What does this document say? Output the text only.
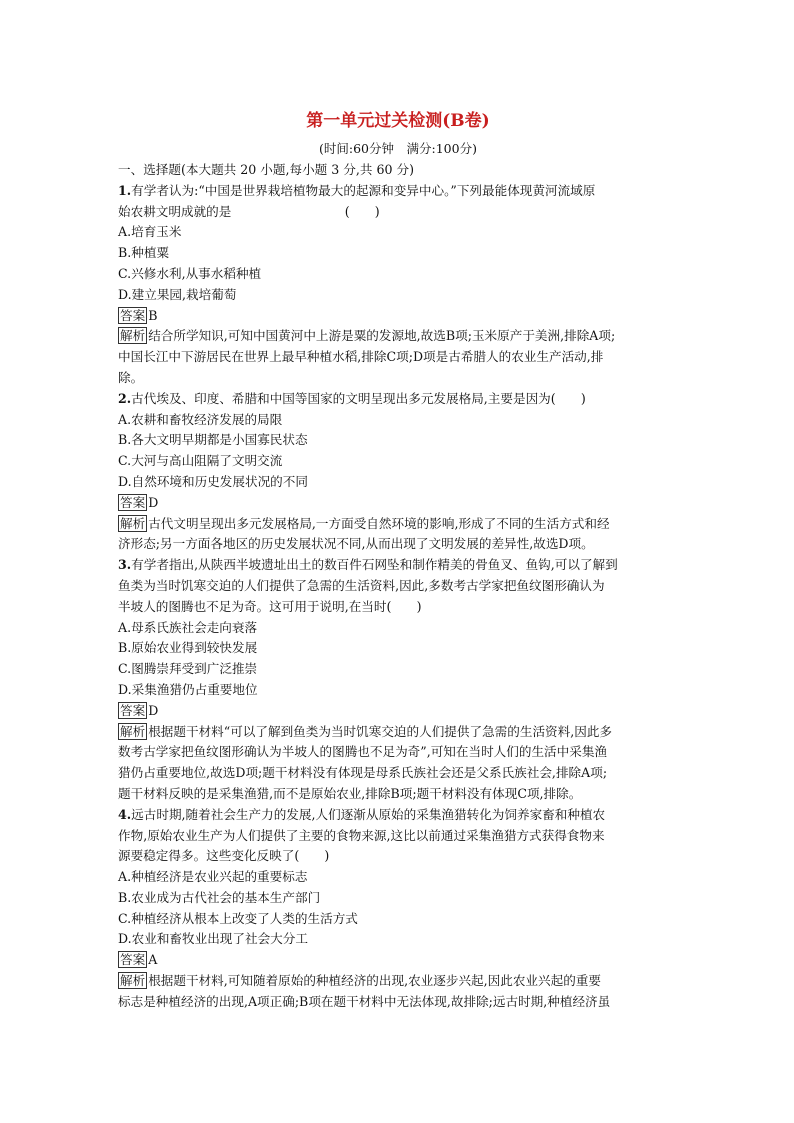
第一单元过关检测(B卷)
(时间:60分钟　满分:100分)
一、选择题(本大题共 20 小题,每小题 3 分,共 60 分)
1.有学者认为:“中国是世界栽培植物最大的起源和变异中心。”下列最能体现黄河流域原
始农耕文明成就的是　　　　　　　　　(　　)
A.培育玉米
B.种植粟
C.兴修水利,从事水稻种植
D.建立果园,栽培葡萄
答案 B
解析 结合所学知识,可知中国黄河中上游是粟的发源地,故选B项;玉米原产于美洲,排除A项;
中国长江中下游居民在世界上最早种植水稻,排除C项;D项是古希腊人的农业生产活动,排
除。
2.古代埃及、印度、希腊和中国等国家的文明呈现出多元发展格局,主要是因为(　　)
A.农耕和畜牧经济发展的局限
B.各大文明早期都是小国寡民状态
C.大河与高山阻隔了文明交流
D.自然环境和历史发展状况的不同
答案 D
解析 古代文明呈现出多元发展格局,一方面受自然环境的影响,形成了不同的生活方式和经
济形态;另一方面各地区的历史发展状况不同,从而出现了文明发展的差异性,故选D项。
3.有学者指出,从陕西半坡遗址出土的数百件石网坠和制作精美的骨鱼叉、鱼钩,可以了解到
鱼类为当时饥寒交迫的人们提供了急需的生活资料,因此,多数考古学家把鱼纹图形确认为
半坡人的图腾也不足为奇。这可用于说明,在当时(　　)
A.母系氏族社会走向衰落
B.原始农业得到较快发展
C.图腾崇拜受到广泛推崇
D.采集渔猎仍占重要地位
答案 D
解析 根据题干材料“可以了解到鱼类为当时饥寒交迫的人们提供了急需的生活资料,因此多
数考古学家把鱼纹图形确认为半坡人的图腾也不足为奇”,可知在当时人们的生活中采集渔
猎仍占重要地位,故选D项;题干材料没有体现是母系氏族社会还是父系氏族社会,排除A项;
题干材料反映的是采集渔猎,而不是原始农业,排除B项;题干材料没有体现C项,排除。
4.远古时期,随着社会生产力的发展,人们逐渐从原始的采集渔猎转化为饲养家畜和种植农
作物,原始农业生产为人们提供了主要的食物来源,这比以前通过采集渔猎方式获得食物来
源要稳定得多。这些变化反映了(　　)
A.种植经济是农业兴起的重要标志
B.农业成为古代社会的基本生产部门
C.种植经济从根本上改变了人类的生活方式
D.农业和畜牧业出现了社会大分工
答案 A
解析 根据题干材料,可知随着原始的种植经济的出现,农业逐步兴起,因此农业兴起的重要
标志是种植经济的出现,A项正确;B项在题干材料中无法体现,故排除;远古时期,种植经济虽
